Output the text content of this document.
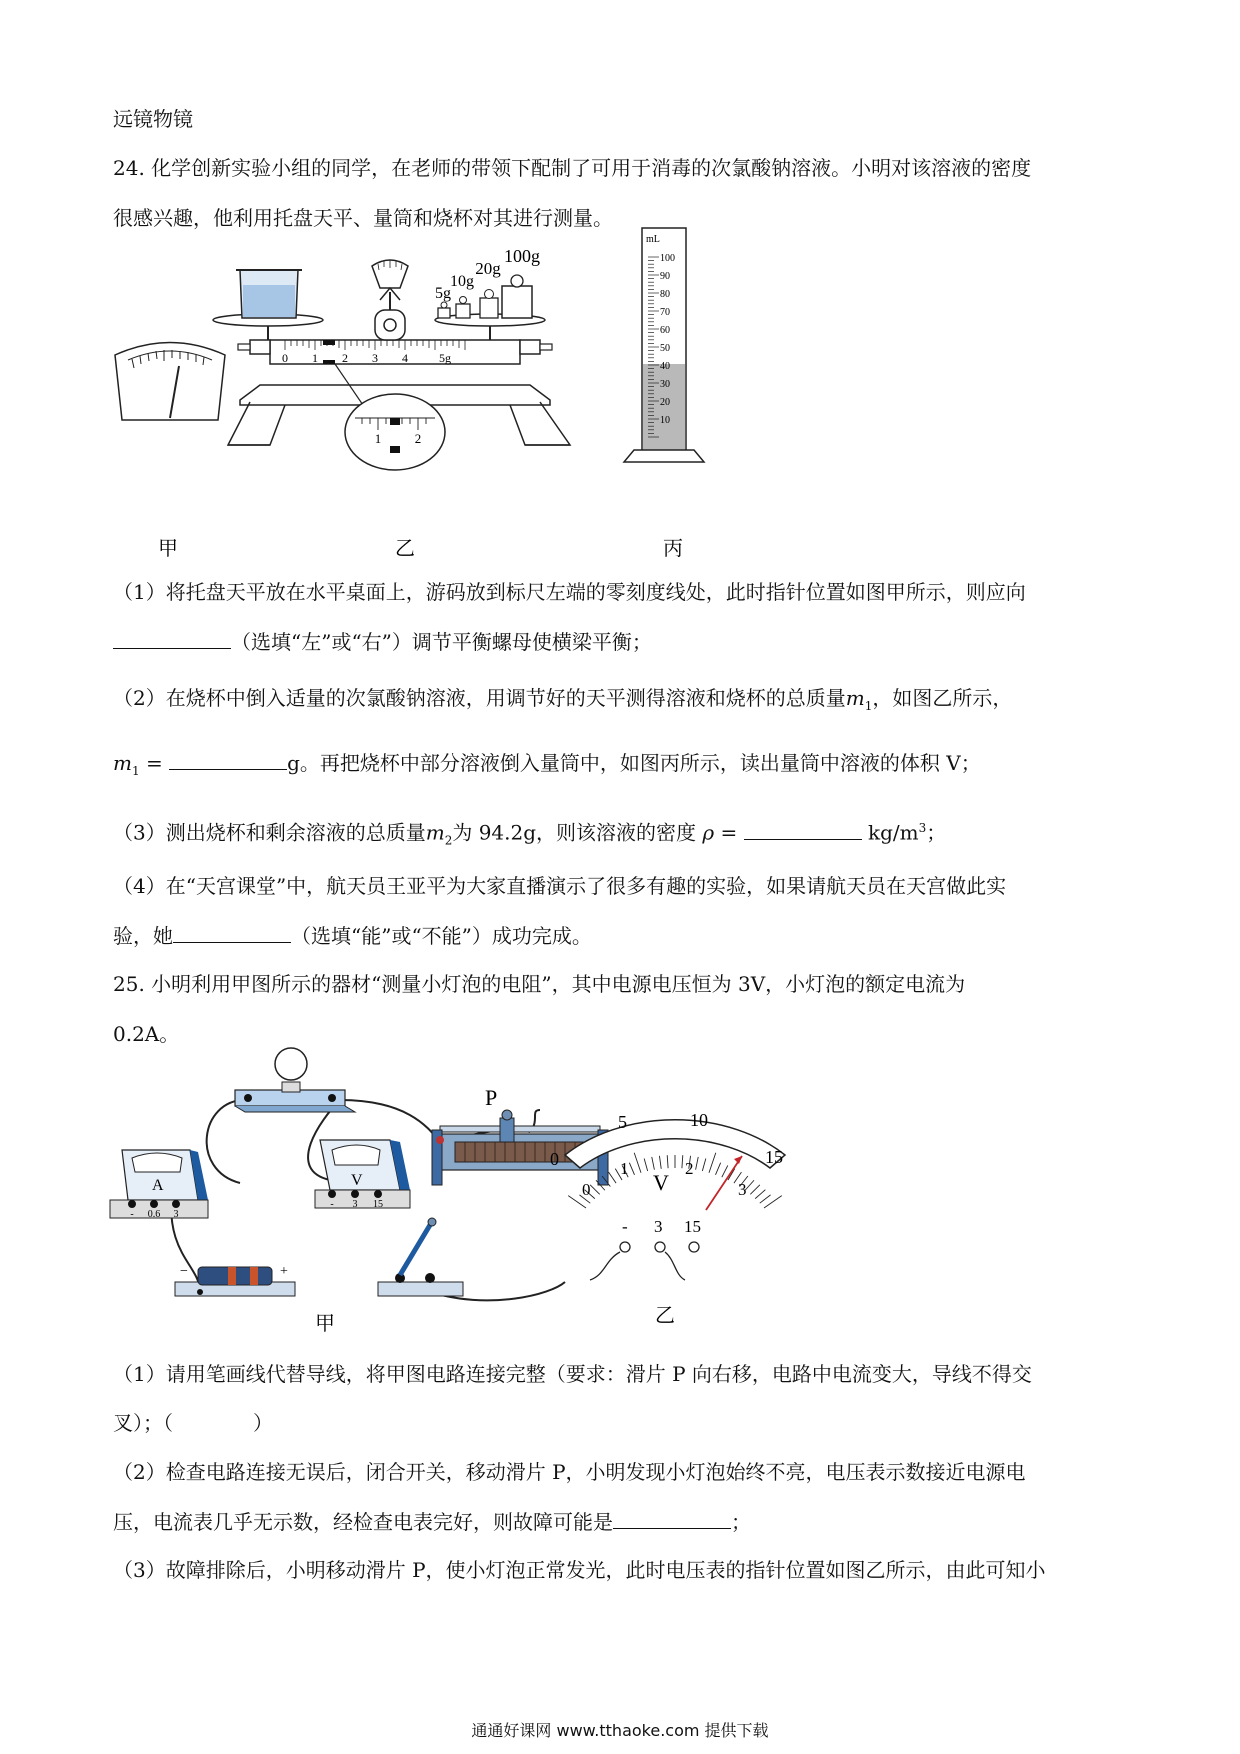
远镜物镜
24. 化学创新实验小组的同学，在老师的带领下配制了可用于消毒的次氯酸钠溶液。小明对该溶液的密度
很感兴趣，他利用托盘天平、量筒和烧杯对其进行测量。
0 1 2 3 4	5g
5g
10g
20g
100g
1	2
mL
100
90
80
70
60
50
40
30
20
10
甲	乙	丙
（1）将托盘天平放在水平桌面上，游码放到标尺左端的零刻度线处，此时指针位置如图甲所示，则应向
（选填“左”或“右”）调节平衡螺母使横梁平衡；
（2）在烧杯中倒入适量的次氯酸钠溶液，用调节好的天平测得溶液和烧杯的总质量$m_1$，如图乙所示，
$m_1$ =	g。再把烧杯中部分溶液倒入量筒中，如图丙所示，读出量筒中溶液的体积 V；
（3）测出烧杯和剩余溶液的总质量$m_2$为 94.2g，则该溶液的密度 ρ =	$kg/m^3$；
（4）在“天宫课堂”中，航天员王亚平为大家直播演示了很多有趣的实验，如果请航天员在天宫做此实
验，她	（选填“能”或“不能”）成功完成。
25. 小明利用甲图所示的器材“测量小灯泡的电阻”，其中电源电压恒为 3V，小灯泡的额定电流为
0.2A。
V
- 3 15
A
- 0.6 3
P
−	+
甲
0
5	10
15
0
1	2
3
V
- 3 15
乙
（1）请用笔画线代替导线，将甲图电路连接完整（要求：滑片 P 向右移，电路中电流变大，导线不得交
叉）；（　　　　）
（2）检查电路连接无误后，闭合开关，移动滑片 P，小明发现小灯泡始终不亮，电压表示数接近电源电
压，电流表几乎无示数，经检查电表完好，则故障可能是	；
（3）故障排除后，小明移动滑片 P，使小灯泡正常发光，此时电压表的指针位置如图乙所示，由此可知小
通通好课网 www.tthaoke.com 提供下载
